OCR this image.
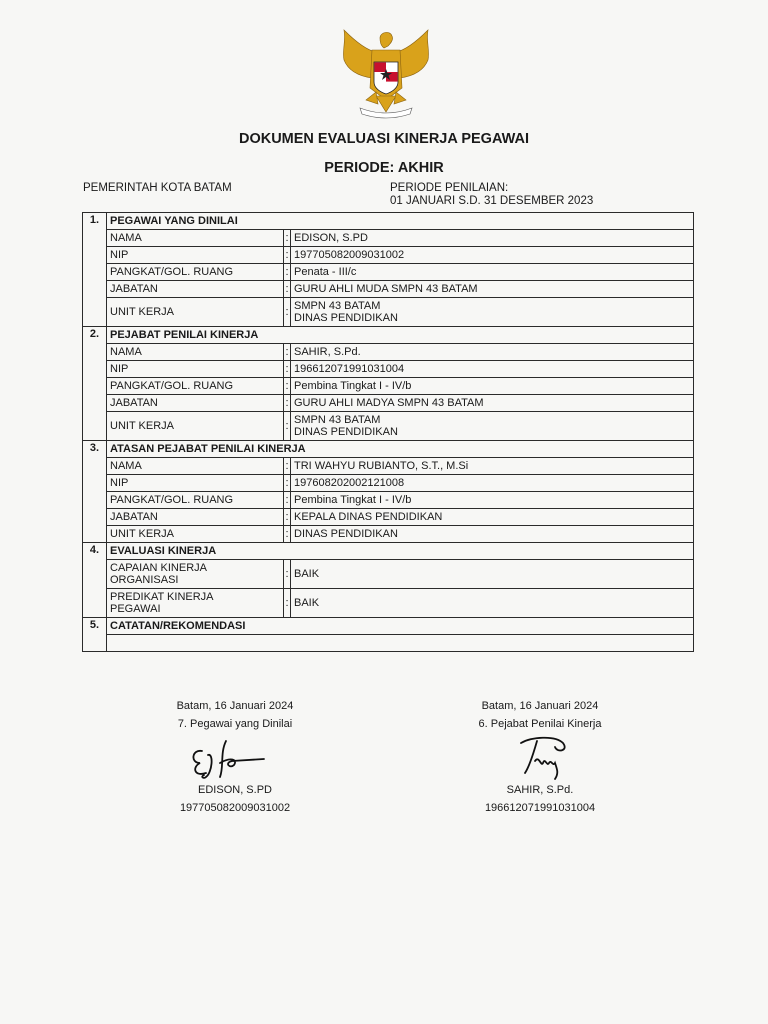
DOKUMEN EVALUASI KINERJA PEGAWAI
PERIODE: AKHIR
PEMERINTAH KOTA BATAM	PERIODE PENILAIAN:
01 JANUARI S.D. 31 DESEMBER 2023
1.	PEGAWAI YANG DINILAI		
	NAMA	:	EDISON, S.PD
	NIP	:	197705082009031002
	PANGKAT/GOL. RUANG	:	Penata - III/c
	JABATAN	:	GURU AHLI MUDA SMPN 43 BATAM
	UNIT KERJA	:	SMPN 43 BATAM
DINAS PENDIDIKAN

2.	PEJABAT PENILAI KINERJA		
	NAMA	:	SAHIR, S.Pd.
	NIP	:	196612071991031004
	PANGKAT/GOL. RUANG	:	Pembina Tingkat I - IV/b
	JABATAN	:	GURU AHLI MADYA SMPN 43 BATAM
	UNIT KERJA	:	SMPN 43 BATAM
DINAS PENDIDIKAN

3.	ATASAN PEJABAT PENILAI KINERJA		
	NAMA	:	TRI WAHYU RUBIANTO, S.T., M.Si
	NIP	:	197608202002121008
	PANGKAT/GOL. RUANG	:	Pembina Tingkat I - IV/b
	JABATAN	:	KEPALA DINAS PENDIDIKAN
	UNIT KERJA	:	DINAS PENDIDIKAN
4.	EVALUASI KINERJA		

	CAPAIAN KINERJA
ORGANISASI	:	BAIK

	PREDIKAT KINERJA
PEGAWAI	:	BAIK
5.	CATATAN/REKOMENDASI		

Batam, 16 Januari 2024
7. Pegawai yang Dinilai
EDISON, S.PD
197705082009031002
Batam, 16 Januari 2024
6. Pejabat Penilai Kinerja
SAHIR, S.Pd.
196612071991031004
